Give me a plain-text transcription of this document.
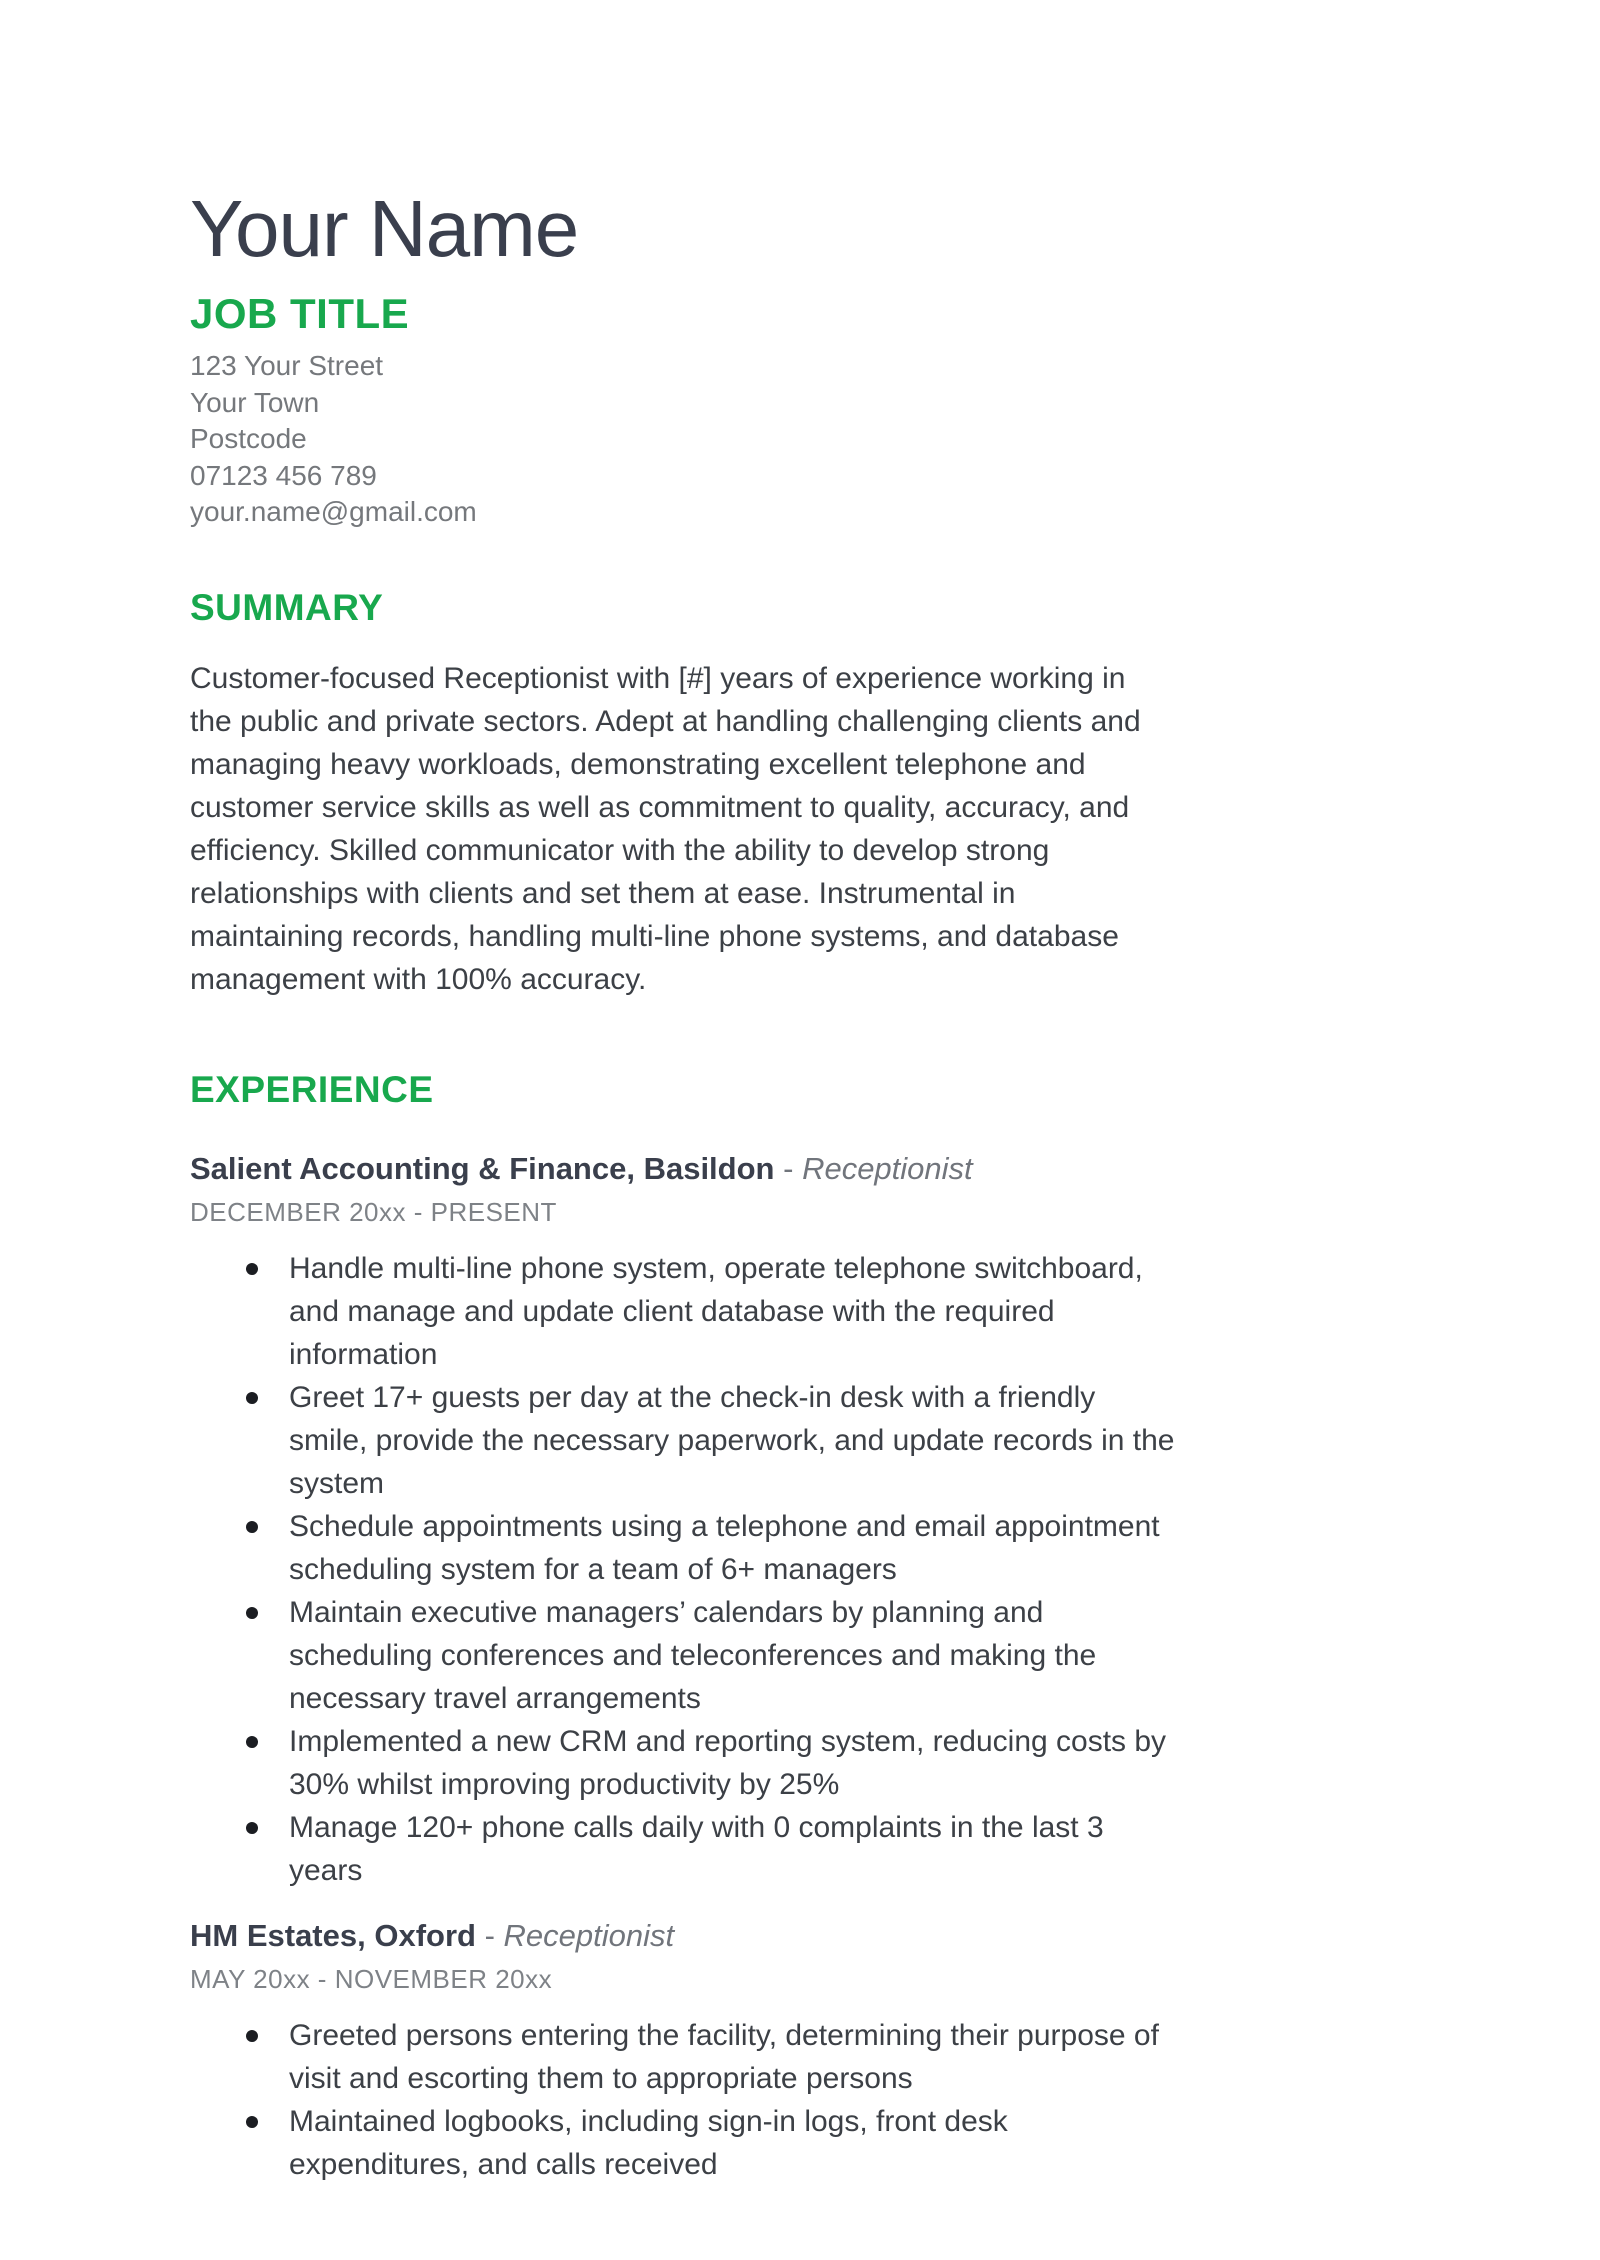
Your Name
JOB TITLE
123 Your Street
Your Town
Postcode
07123 456 789
your.name@gmail.com
SUMMARY

Customer-focused Receptionist with [#] years of experience working in the public and private sectors. Adept at handling challenging clients and managing heavy workloads, demonstrating excellent telephone and customer service skills as well as commitment to quality, accuracy, and efficiency. Skilled communicator with the ability to develop strong relationships with clients and set them at ease. Instrumental in maintaining records, handling multi-line phone systems, and database management with 100% accuracy.

EXPERIENCE

Salient Accounting & Finance, Basildon - Receptionist

DECEMBER 20xx - PRESENT

Handle multi-line phone system, operate telephone switchboard, and manage and update client database with the required information
Greet 17+ guests per day at the check-in desk with a friendly smile, provide the necessary paperwork, and update records in the system
Schedule appointments using a telephone and email appointment scheduling system for a team of 6+ managers
Maintain executive managers’ calendars by planning and scheduling conferences and teleconferences and making the necessary travel arrangements
Implemented a new CRM and reporting system, reducing costs by 30% whilst improving productivity by 25%
Manage 120+ phone calls daily with 0 complaints in the last 3 years

HM Estates, Oxford - Receptionist

MAY 20xx - NOVEMBER 20xx

Greeted persons entering the facility, determining their purpose of visit and escorting them to appropriate persons
Maintained logbooks, including sign-in logs, front desk expenditures, and calls received
